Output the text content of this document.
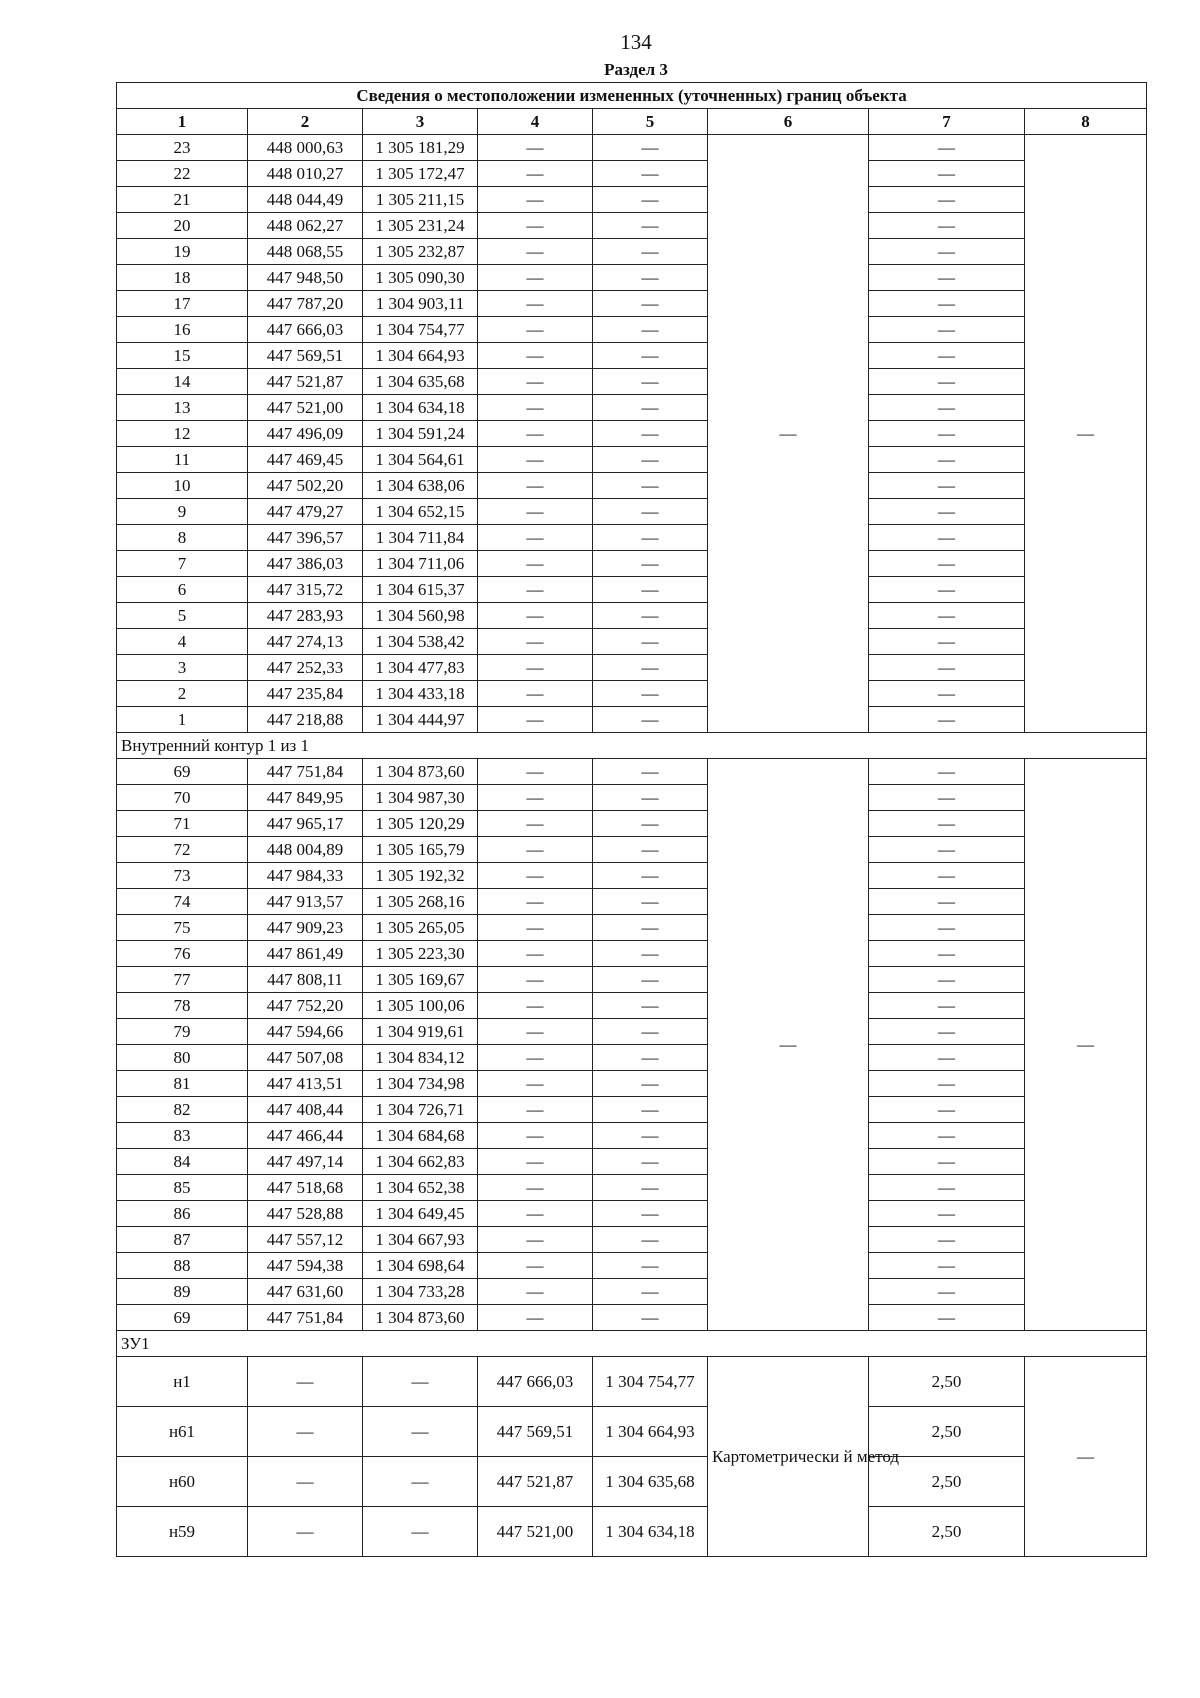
134
Раздел 3
Сведения о местоположении измененных (уточненных) границ объекта							
1	2	3	4	5	6	7	8
23	448 000,63	1 305 181,29	—	—	—	—	—
22	448 010,27	1 305 172,47	—	—		—	
21	448 044,49	1 305 211,15	—	—		—	
20	448 062,27	1 305 231,24	—	—		—	
19	448 068,55	1 305 232,87	—	—		—	
18	447 948,50	1 305 090,30	—	—		—	
17	447 787,20	1 304 903,11	—	—		—	
16	447 666,03	1 304 754,77	—	—		—	
15	447 569,51	1 304 664,93	—	—		—	
14	447 521,87	1 304 635,68	—	—		—	
13	447 521,00	1 304 634,18	—	—		—	
12	447 496,09	1 304 591,24	—	—		—	
11	447 469,45	1 304 564,61	—	—		—	
10	447 502,20	1 304 638,06	—	—		—	
9	447 479,27	1 304 652,15	—	—		—	
8	447 396,57	1 304 711,84	—	—		—	
7	447 386,03	1 304 711,06	—	—		—	
6	447 315,72	1 304 615,37	—	—		—	
5	447 283,93	1 304 560,98	—	—		—	
4	447 274,13	1 304 538,42	—	—		—	
3	447 252,33	1 304 477,83	—	—		—	
2	447 235,84	1 304 433,18	—	—		—	
1	447 218,88	1 304 444,97	—	—		—	
Внутренний контур 1 из 1							
69	447 751,84	1 304 873,60	—	—	—	—	—
70	447 849,95	1 304 987,30	—	—		—	
71	447 965,17	1 305 120,29	—	—		—	
72	448 004,89	1 305 165,79	—	—		—	
73	447 984,33	1 305 192,32	—	—		—	
74	447 913,57	1 305 268,16	—	—		—	
75	447 909,23	1 305 265,05	—	—		—	
76	447 861,49	1 305 223,30	—	—		—	
77	447 808,11	1 305 169,67	—	—		—	
78	447 752,20	1 305 100,06	—	—		—	
79	447 594,66	1 304 919,61	—	—		—	
80	447 507,08	1 304 834,12	—	—		—	
81	447 413,51	1 304 734,98	—	—		—	
82	447 408,44	1 304 726,71	—	—		—	
83	447 466,44	1 304 684,68	—	—		—	
84	447 497,14	1 304 662,83	—	—		—	
85	447 518,68	1 304 652,38	—	—		—	
86	447 528,88	1 304 649,45	—	—		—	
87	447 557,12	1 304 667,93	—	—		—	
88	447 594,38	1 304 698,64	—	—		—	
89	447 631,60	1 304 733,28	—	—		—	
69	447 751,84	1 304 873,60	—	—		—	
ЗУ1							
н1	—	—	447 666,03	1 304 754,77	Картометрически й метод	2,50	—
н61	—	—	447 569,51	1 304 664,93		2,50	
н60	—	—	447 521,87	1 304 635,68		2,50	
н59	—	—	447 521,00	1 304 634,18		2,50	
